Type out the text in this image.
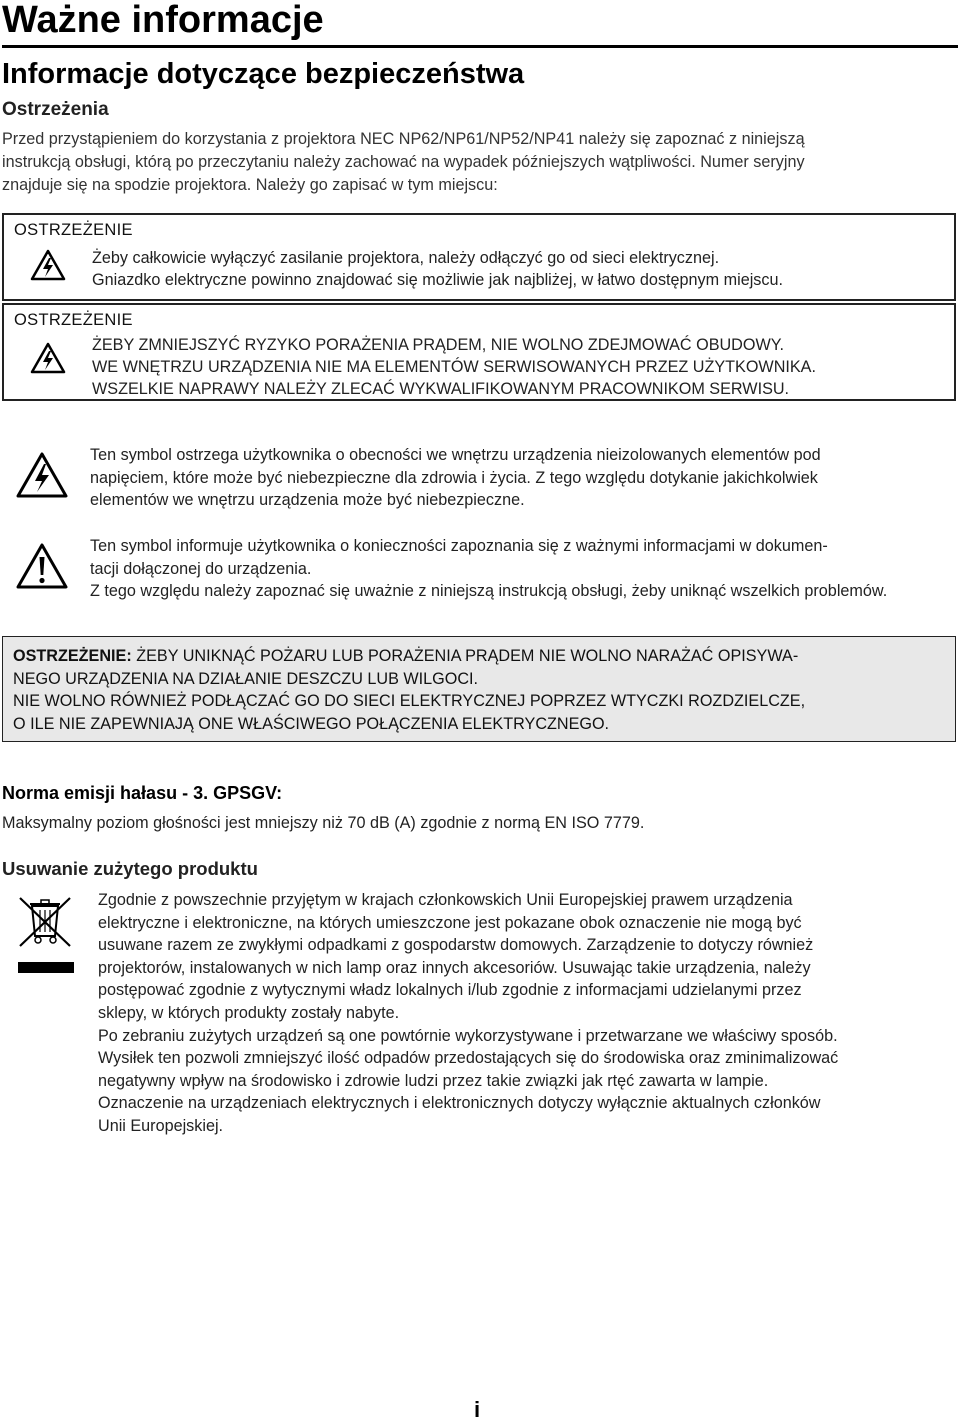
Ważne informacje
Informacje dotyczące bezpieczeństwa
Ostrzeżenia

Przed przystąpieniem do korzystania z projektora NEC NP62/NP61/NP52/NP41 należy się zapoznać z niniejszą

instrukcją obsługi, którą po przeczytaniu należy zachować na wypadek późniejszych wątpliwości. Numer seryjny

znajduje się na spodzie projektora. Należy go zapisać w tym miejscu:

OSTRZEŻENIE
Żeby całkowicie wyłączyć zasilanie projektora, należy odłączyć go od sieci elektrycznej.
Gniazdko elektryczne powinno znajdować się możliwie jak najbliżej, w łatwo dostępnym miejscu.
OSTRZEŻENIE
ŻEBY ZMNIEJSZYĆ RYZYKO PORAŻENIA PRĄDEM, NIE WOLNO ZDEJMOWAĆ OBUDOWY.
WE WNĘTRZU URZĄDZENIA NIE MA ELEMENTÓW SERWISOWANYCH PRZEZ UŻYTKOWNIKA.
WSZELKIE NAPRAWY NALEŻY ZLECAĆ WYKWALIFIKOWANYM PRACOWNIKOM SERWISU.
Ten symbol ostrzega użytkownika o obecności we wnętrzu urządzenia nieizolowanych elementów pod
napięciem, które może być niebezpieczne dla zdrowia i życia. Z tego względu dotykanie jakichkolwiek
elementów we wnętrzu urządzenia może być niebezpieczne.
Ten symbol informuje użytkownika o konieczności zapoznania się z ważnymi informacjami w dokumen-
tacji dołączonej do urządzenia.
Z tego względu należy zapoznać się uważnie z niniejszą instrukcją obsługi, żeby uniknąć wszelkich problemów.
OSTRZEŻENIE: ŻEBY UNIKNĄĆ POŻARU LUB PORAŻENIA PRĄDEM NIE WOLNO NARAŻAĆ OPISYWA-
NEGO URZĄDZENIA NA DZIAŁANIE DESZCZU LUB WILGOCI.
NIE WOLNO RÓWNIEŻ PODŁĄCZAĆ GO DO SIECI ELEKTRYCZNEJ POPRZEZ WTYCZKI ROZDZIELCZE,
O ILE NIE ZAPEWNIAJĄ ONE WŁAŚCIWEGO POŁĄCZENIA ELEKTRYCZNEGO.
Norma emisji hałasu - 3. GPSGV:
Maksymalny poziom głośności jest mniejszy niż 70 dB (A) zgodnie z normą EN ISO 7779.
Usuwanie zużytego produktu

Zgodnie z powszechnie przyjętym w krajach członkowskich Unii Europejskiej prawem urządzenia

elektryczne i elektroniczne, na których umieszczone jest pokazane obok oznaczenie nie mogą być

usuwane razem ze zwykłymi odpadkami z gospodarstw domowych. Zarządzenie to dotyczy również

projektorów, instalowanych w nich lamp oraz innych akcesoriów. Usuwając takie urządzenia, należy

postępować zgodnie z wytycznymi władz lokalnych i/lub zgodnie z informacjami udzielanymi przez

sklepy, w których produkty zostały nabyte.

Po zebraniu zużytych urządzeń są one powtórnie wykorzystywane i przetwarzane we właściwy sposób.

Wysiłek ten pozwoli zmniejszyć ilość odpadów przedostających się do środowiska oraz zminimalizować

negatywny wpływ na środowisko i zdrowie ludzi przez takie związki jak rtęć zawarta w lampie.

Oznaczenie na urządzeniach elektrycznych i elektronicznych dotyczy wyłącznie aktualnych członków

Unii Europejskiej.

i
